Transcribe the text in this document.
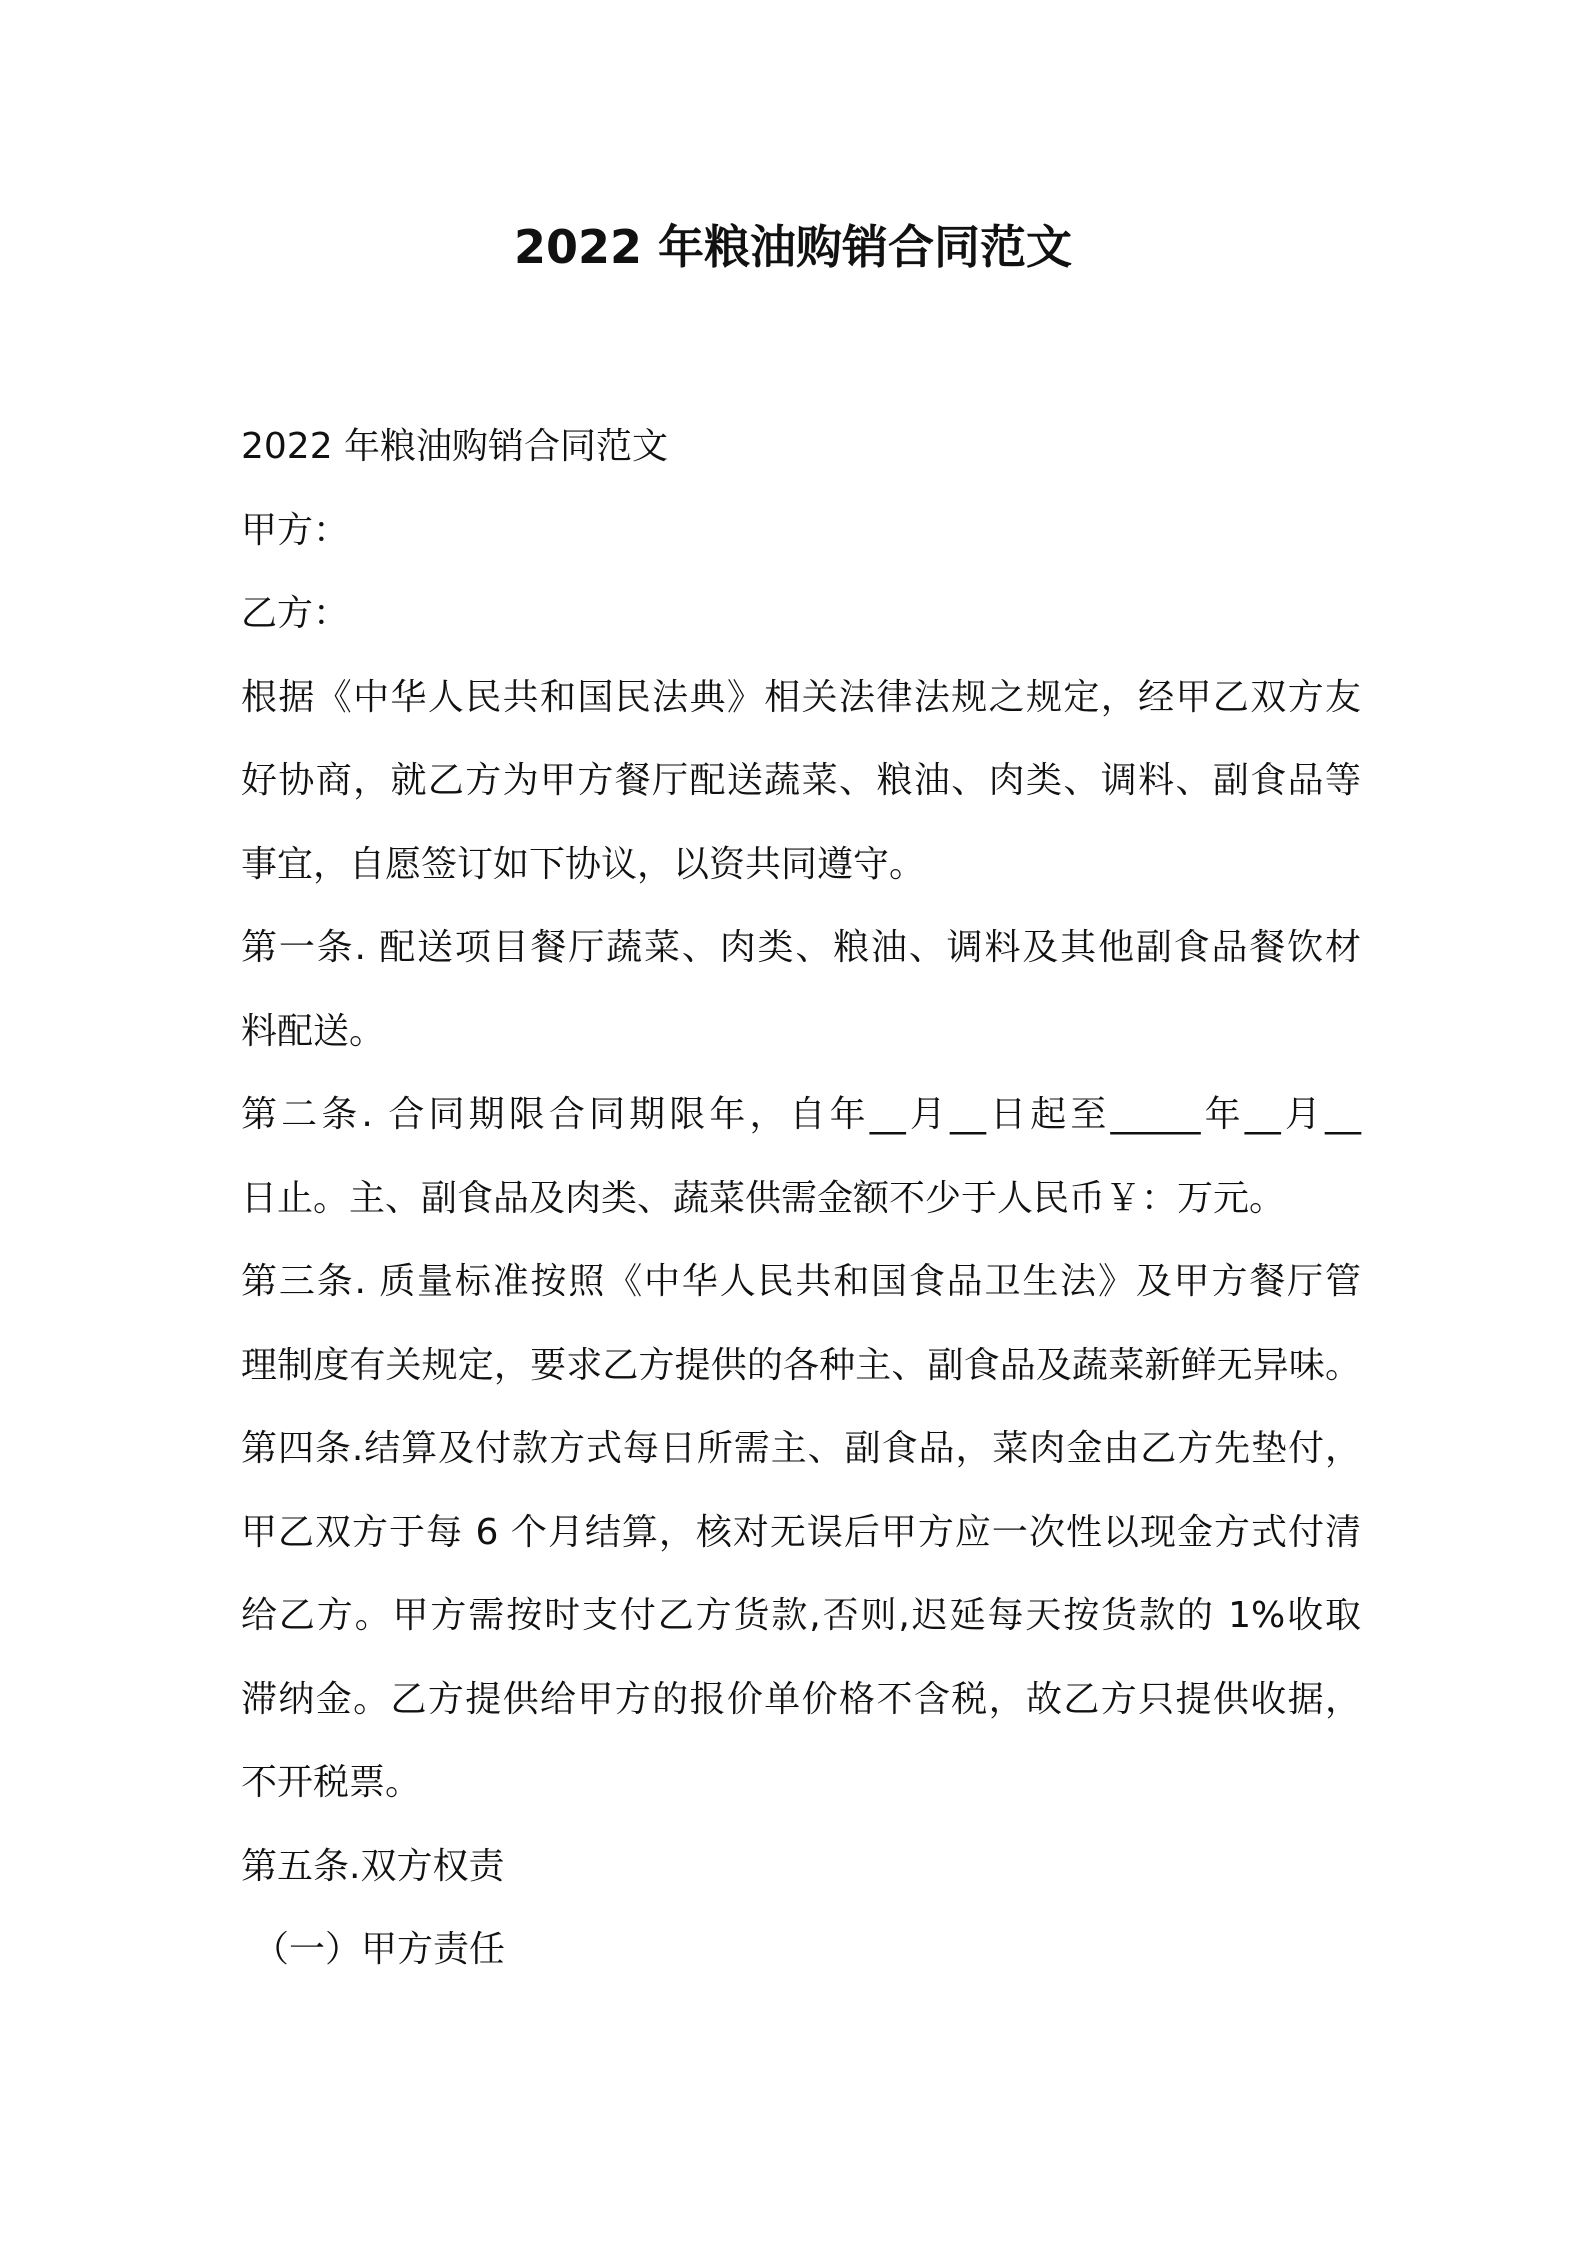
2022 年粮油购销合同范文
2022 年粮油购销合同范文
甲方：
乙方：
根据《中华人民共和国民法典》相关法律法规之规定，经甲乙双方友
好协商，就乙方为甲方餐厅配送蔬菜、粮油、肉类、调料、副食品等
事宜，自愿签订如下协议，以资共同遵守。
第一条. 配送项目餐厅蔬菜、肉类、粮油、调料及其他副食品餐饮材
料配送。
第二条. 合同期限合同期限年，自年__月__日起至_____年__月__
日止。主、副食品及肉类、蔬菜供需金额不少于人民币￥：万元。
第三条. 质量标准按照《中华人民共和国食品卫生法》及甲方餐厅管
理制度有关规定，要求乙方提供的各种主、副食品及蔬菜新鲜无异味。
第四条.结算及付款方式每日所需主、副食品，菜肉金由乙方先垫付，
甲乙双方于每 6 个月结算，核对无误后甲方应一次性以现金方式付清
给乙方。甲方需按时支付乙方货款,否则,迟延每天按货款的 1%收取
滞纳金。乙方提供给甲方的报价单价格不含税，故乙方只提供收据，
不开税票。
第五条.双方权责
（一）甲方责任
